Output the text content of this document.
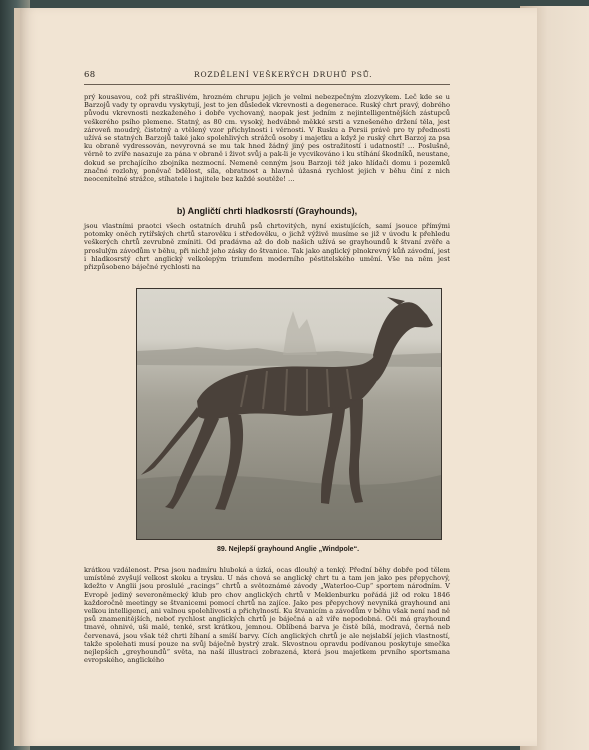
68	ROZDĚLENÍ VEŠKERÝCH DRUHŮ PSŮ.

prý kousavou, což při strašlivém, hrozném chrupu jejich je velmi nebezpečným zlozvykem. Leč kde se u Barzojů vady ty opravdu vyskytují, jest to jen důsledek vkrevnosti a degenerace. Ruský chrt pravý, dobrého původu vkrevnosti nezkaženého i dobře vychovaný, naopak jest jedním z nejintelligentnějších zástupců veškerého psího plemene. Statný, as 80 cm. vysoký, hedvábně měkké srsti a vznešeného držení těla, jest zároveň moudrý, čistotný a vtělený vzor přichylnosti i věrnosti. V Rusku a Persii právě pro ty přednosti užívá se statných Barzojů také jako spolehlivých strážců osoby i majetku a když je ruský chrt Barzoj za psa ku obraně vydressován, nevyrovná se mu tak hned žádný jiný pes ostražitostí i udatností! … Poslušně, věrně to zvíře nasazuje za pána v obraně i život svůj a pak-li je vycvikováno i ku stíhání škodníků, neustane, dokud se prchajícího zbojníka nezmocní. Nemeně cenným jsou Barzoji též jako hlídači domu i pozemků značné rozlohy, poněvač bdělost, síla, obratnost a hlavně úžasná rychlost jejich v běhu činí z nich neocenitelné strážce, stíhatele i hajitele bez každé soutěže! …

b) Angličtí chrti hladkosrstí (Grayhounds),

jsou vlastními praotci všech ostatních druhů psů chrtovitých, nyní existujících, samí jsouce přímými potomky oněch rytířských chrtů starověku i středověku, o jichž výživě musíme se již v úvodu k přehledu veškerých chrtů zevrubně zmíniti. Od pradávna až do dob našich užívá se grayhoundů k štvaní zvěře a proslulým závodům v běhu, při nichž jeho zásky do štvanice. Tak jako anglický plnokrevný kůň závodní, jest i hladkosrstý chrt anglický velkolepým triumfem moderního pěstitelského umění. Vše na něm jest přizpůsobeno báječné rychlosti na

89. Nejlepší grayhound Anglie „Windpole“.

krátkou vzdálenost. Prsa jsou nadmíru hluboká a úzká, ocas dlouhý a tenký. Přední běhy dobře pod tělem umístěné zvyšují velkost skoku a trysku. U nás chová se anglický chrt tu a tam jen jako pes přepychový, kdežto v Anglii jsou proslulé „racings“ chrtů a světoznámé závody „Waterloo-Cup“ sportem národním. V Evropě jediný severoněmecký klub pro chov anglických chrtů v Meklenburku pořádá již od roku 1846 každoročně meetingy se štvanicemi pomocí chrtů na zajíce. Jako pes přepychový nevyniká grayhound ani velkou intelligencí, ani valnou spolehlivostí a přichylností. Ku štvanicím a závodům v běhu však není nad ně psů znamenitějších, neboť rychlost anglických chrtů je báječná a až víře nepodobná. Oči má grayhound tmavé, ohnivé, uši malé, tenké, srst krátkou, jemnou. Oblíbená barva je čistě bílá, modravá, černá neb červenavá, jsou však též chrti žíhaní a smíší barvy. Cích anglických chrtů je ale nejslabší jejich vlastností, takže spolehati musí pouze na svůj báječně bystrý zrak. Skvostnou opravdu podívanou poskytuje smečka nejlepších „greyhoundů“ světa, na naší illustraci zobrazená, která jsou majetkem prvního sportsmana evropského, anglického
